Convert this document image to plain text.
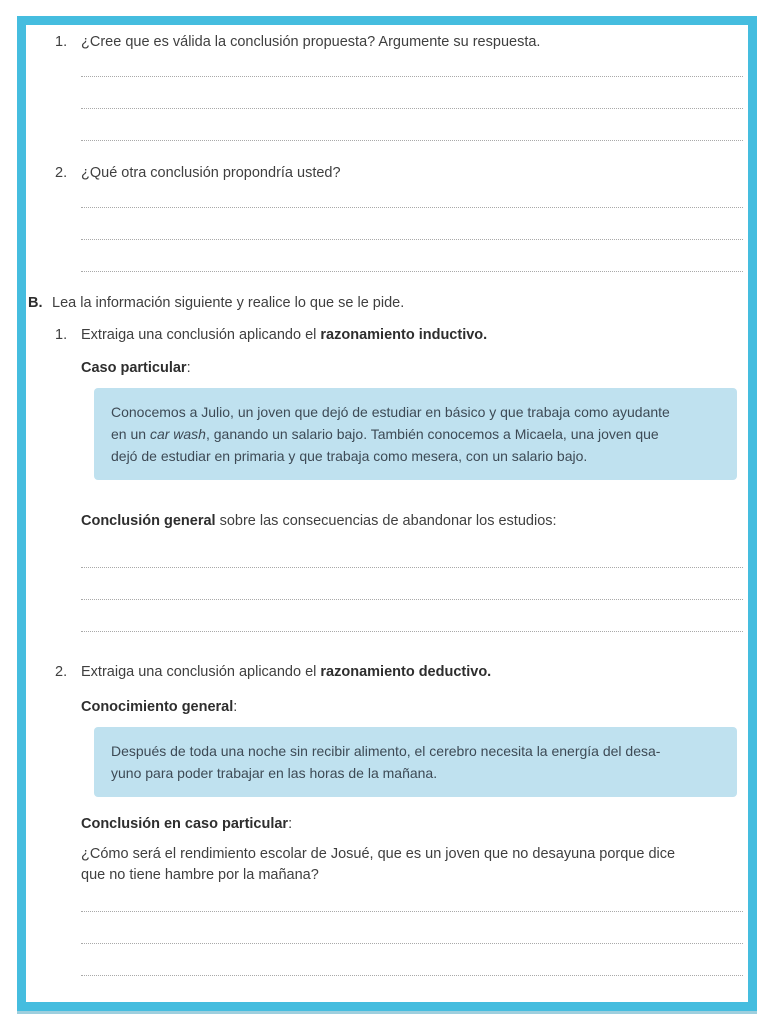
1. ¿Cree que es válida la conclusión propuesta? Argumente su respuesta.
2. ¿Qué otra conclusión propondría usted?
B. Lea la información siguiente y realice lo que se le pide.
1. Extraiga una conclusión aplicando el razonamiento inductivo.
Caso particular:
Conocemos a Julio, un joven que dejó de estudiar en básico y que trabaja como ayudante
en un car wash, ganando un salario bajo. También conocemos a Micaela, una joven que
dejó de estudiar en primaria y que trabaja como mesera, con un salario bajo.
Conclusión general sobre las consecuencias de abandonar los estudios:
2. Extraiga una conclusión aplicando el razonamiento deductivo.
Conocimiento general:
Después de toda una noche sin recibir alimento, el cerebro necesita la energía del desa-
yuno para poder trabajar en las horas de la mañana.
Conclusión en caso particular:
¿Cómo será el rendimiento escolar de Josué, que es un joven que no desayuna porque dice
que no tiene hambre por la mañana?
